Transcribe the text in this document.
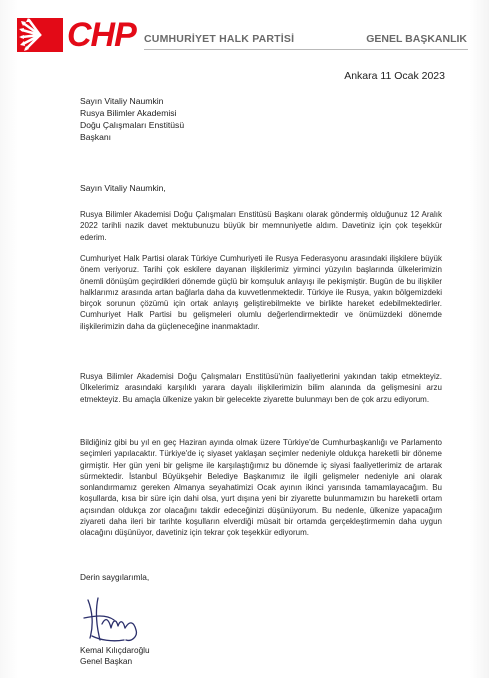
CHP CUMHURİYET HALK PARTİSİ	GENEL BAŞKANLIK
Ankara 11 Ocak 2023
Sayın Vitaliy Naumkin
Rusya Bilimler Akademisi
Doğu Çalışmaları Enstitüsü
Başkanı
Sayın Vitaliy Naumkin,

Rusya Bilimler Akademisi Doğu Çalışmaları Enstitüsü Başkanı olarak göndermiş olduğunuz 12 Aralık 2022 tarihli nazik davet mektubunuzu büyük bir memnuniyetle aldım. Davetiniz için çok teşekkür ederim.

Cumhuriyet Halk Partisi olarak Türkiye Cumhuriyeti ile Rusya Federasyonu arasındaki ilişkilere büyük önem veriyoruz. Tarihi çok eskilere dayanan ilişkilerimiz yirminci yüzyılın başlarında ülkelerimizin önemli dönüşüm geçirdikleri dönemde güçlü bir komşuluk anlayışı ile pekişmiştir. Bugün de bu ilişkiler halklarımız arasında artan bağlarla daha da kuvvetlenmektedir. Türkiye ile Rusya, yakın bölgemizdeki birçok sorunun çözümü için ortak anlayış geliştirebilmekte ve birlikte hareket edebilmektedirler. Cumhuriyet Halk Partisi bu gelişmeleri olumlu değerlendirmektedir ve önümüzdeki dönemde ilişkilerimizin daha da güçleneceğine inanmaktadır.

Rusya Bilimler Akademisi Doğu Çalışmaları Enstitüsü'nün faaliyetlerini yakından takip etmekteyiz. Ülkelerimiz arasındaki karşılıklı yarara dayalı ilişkilerimizin bilim alanında da gelişmesini arzu etmekteyiz. Bu amaçla ülkenize yakın bir gelecekte ziyarette bulunmayı ben de çok arzu ediyorum.

Bildiğiniz gibi bu yıl en geç Haziran ayında olmak üzere Türkiye'de Cumhurbaşkanlığı ve Parlamento seçimleri yapılacaktır. Türkiye'de iç siyaset yaklaşan seçimler nedeniyle oldukça hareketli bir döneme girmiştir. Her gün yeni bir gelişme ile karşılaştığımız bu dönemde iç siyasi faaliyetlerimiz de artarak sürmektedir. İstanbul Büyükşehir Belediye Başkanımız ile ilgili gelişmeler nedeniyle ani olarak sonlandırmamız gereken Almanya seyahatimizi Ocak ayının ikinci yarısında tamamlayacağım. Bu koşullarda, kısa bir süre için dahi olsa, yurt dışına yeni bir ziyarette bulunmamızın bu hareketli ortam açısından oldukça zor olacağını takdir edeceğinizi düşünüyorum. Bu nedenle, ülkenize yapacağım ziyareti daha ileri bir tarihte koşulların elverdiği müsait bir ortamda gerçekleştirmemin daha uygun olacağını düşünüyor, davetiniz için tekrar çok teşekkür ediyorum.

Derin saygılarımla,
Kemal Kılıçdaroğlu
Genel Başkan
